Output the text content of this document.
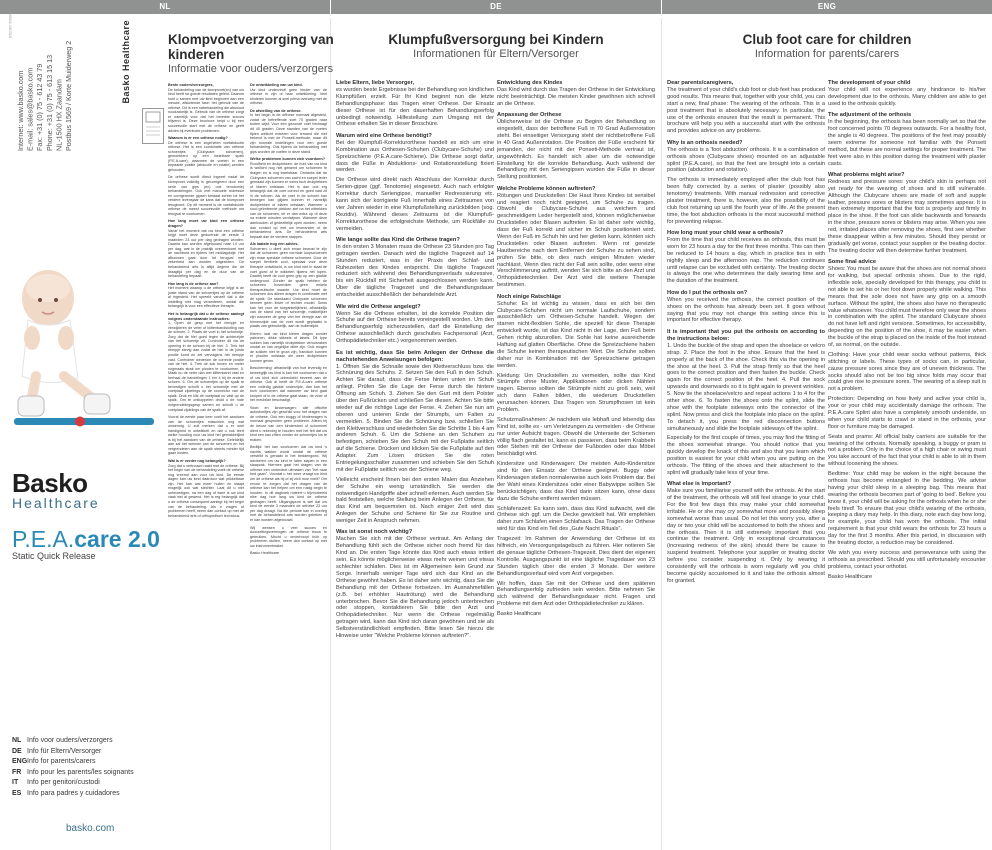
NL	DE	ENG
B0004-150315
Internet: www.basko.com E-mail: sales@basko.com Fax: +31 (0) 75 - 612 43 79 Phone: +31 (0) 75 - 613 15 13 NL-1500 HX Zaandam Postbus 1569 / Korte Muiderweg 2	Basko Healthcare
Basko
Healthcare
P.E.A.care 2.0
Static Quick Release
NL Info voor ouders/verzorgers
DE Info für Eltern/Versorger
ENG Info for parents/carers
FR Info pour les parents/les soignants
IT	Info per genitori/custodi
ES Info para padres y cuidadores
basko.com
Klompvoetverzorging van kinderen
Informatie voor ouders/verzorgers
Klumpfußversorgung bei Kindern
Informationen für Eltern/Versorger
Club foot care for children
Information for parents/carers
Beste ouders/verzorgers,

De behandeling van de klompvoet(en) van uw kind heeft tot goede resultaten geleid. Daarom kunt u samen met uw kind beginnen aan een nieuwe, afsluitende fase: het gebruik van de orthese. Dit is een nabehandeling die absoluut noodzakelijk is. Gebruik van de orthese zorgt er namelijk voor dat het bereikte succes blijvend is. Deze brochure helpt u bij een succesvolle start met de orthese en geeft advies bij eventuele problemen.

Waarom is er een orthese nodig?

De orthese is een zogeheten voetabductie orthese. Het is een combinatie van orthese schoentjes (Clubycare schoenen), gemonteerd op een instelbare spalk (P.E.A.care), waarmee de voeten in een bepaalde positie (abductie en rotatie) worden gehouden.

De orthese wordt direct ingezet nadat de klompvoet volledig is gecorrigeerd door een serie van gips (en) ook tenotomie) behandelingen. Ook met manuele redressie en corrigerende gipsen bestaat echter tot het verdere levensjaar de kans dat de klompvoet terugkomt. Op dit moment is de voetabductie orthese de meest succesvolle methode om terugval te voorkomen.

Hoe lang moet uw kind een orthese dragen?

Vanaf het moment dat uw kind een orthese krijgt moet deze gedurende de eerste 3 maanden 23 uur per dag gedragen worden. Daarna kan worden afgebouwd naar 14 uur per dag, wat in de praktijk overeenkomt met de nachtrust en tijdens het middagdutje. Het afbouwen gaat door tot terugval met zekerheid kan worden uitgesloten. De behandelend arts is altijd degene die de draagtijd per dag en de duur van de behandeling bepaalt.

Hoe lang is de orthese aan?

Het moment waarop u de orthese krijgt is de juiste stand van de schoentjes op de orthese al ingesteld. Het spreekt vanzelf dat u die instelling niet mag veranderen, omdat die belangrijk is voor een effectieve therapie.

Het is belangrijk dat u de orthese aanlegt volgens onderstaande instructies:

1. Open de gesp met het riempje en verwijderen de veter of klittenbandsluiting van de schoen. 2. Plaats de voet in het schoentje. Zorg dat de hiel goed tegen de achterzijde van het schoentje zit. Controleer dit via de opening in de schoen bij de hiel. 3. Trek het riempje stevig aan zodat de hiel in de juiste positie komt en zet vervolgens het riempje vast. Controleer wederom de correcte positie van de hiel. 4. Trek de sok boven en onder nogmaals strak om plooien te voorkomen. 5. Maak nu de veter dan wel klittenband vast en herhaal de handelingen 1 t/m 4 bij de andere schoen. 6. Om de schoentjes op de spalk te bevestigen schuift u het schoentje met de voetplaat zijdelings op de connector van de spalk. Druk en klik de voetplaat nu vast op de spalk. Om te ontkoppelen drukt u de rode ontgrendelingsgesp samen en schuift u de voetplaat zijdelings van de spalk af.

Vooral de eerste paar keer voelt het aandoen van de schoentjes misschien nog wat onwennig. U zult merken dat u er snel handigheid in ontwikkelt en dat u ook leert welke houding voor uw kind het gemakkelijkst is bij het aandoen van de orthese. Geleidelijk aan zal het wennen van de schoenen en het vergrendelen aan de spalk steeds minder tijd gaan kosten.

Wat is er verder nog belangrijk?

Zorg dat u vertrouwd raakt met de orthese. Bij het begin van de behandeling voelt de orthese nog vreemd aan voor uw kind. De eerste dagen kan uw kind daardoor wat prikkelbaar zijn. Het kan wat meer huilen en slaapt mogelijk ook wat slechter. Laat dit u niet ontmoedigen, na een dag of twee is uw kind vaak wel al gewend. Het is erg belangrijk dat u de orthese consequent aanlegt bij het begin van de behandeling. Als u vragen of problemen heeft, neem dan contact op met de behandelend arts of orthopedisch technicus.

Liebe Eltern, liebe Versorger,

es wurden beste Ergebnisse bei der Behandlung von kindlichen Klumpfüßen erzielt. Für Ihr Kind beginnt nun die letzte Behandlungsphase: das Tragen einer Orthese. Der Einsatz dieser Orthese ist für den dauerhaften Behandlungserfolg unbedingt notwendig. Hilfestellung zum Umgang mit der Orthese erhalten Sie in dieser Broschüre.

Warum wird eine Orthese benötigt?

Bei der Klumpfuß-Korrekturorthese handelt es sich um eine Kombination aus Orthesen-Schuhen (Clubycare-Schuhe) und Spreizschiene (P.E.A.care-Schiene). Die Orthese sorgt dafür, dass die Füße in Abduktions- und Rotationsstellung fixiert werden.

Die Orthese wird direkt nach Abschluss der Korrektur durch Serien-gipse (ggf. Tenotomie) eingesetzt. Auch nach erfolgter Korrektur durch Seriengipse, manueller Redressierung etc. kann sich der korrigierte Fuß innerhalb eines Zeitraumes von vier Jahren wieder in eine Klumpfußstellung zurückbilden (sog. Rezidiv). Während dieses Zeitraums ist die Klumpfuß-Korrekturorthese die erfolgreichste Methode, um Rückfälle zu vermeiden.

Wie lange sollte das Kind die Orthese tragen?

In den ersten 3 Monaten muss die Orthese 23 Stunden pro Tag getragen werden. Danach wird die tägliche Tragezeit auf 14 Stunden reduziert, was in der Praxis den Schlaf- und Ruhezeiten des Kindes entspricht. Die tägliche Tragezeit reduziert sich während des Behandlungsverlaufs sukzessive, bis ein Rückfall mit Sicherheit ausgeschlossen werden kann. Über die tägliche Tragezeit und die Behandlungsdauer entscheidet ausschließlich der behandelnde Arzt.

Wie wird die Orthese angelegt?

Wenn Sie die Orthese erhalten, ist die korrekte Position der Schuhe auf der Orthese bereits voreingestellt worden. Um den Behandlungserfolg sicherzustellen, darf die Einstellung der Orthese ausschließlich durch geschultes Fachpersonal (Arzt, Orthopädietechniker etc.) vorgenommen werden.

Es ist wichtig, dass Sie beim Anlegen der Orthese die nachstehenden Anweisungen befolgen:

1. Öffnen Sie die Schnalle sowie den Klettverschluss bzw. die Schnürung des Schuhs. 2. Setzen Sie den Fuß in den Schuh. Achten Sie darauf, dass die Ferse hinten unten im Schuh anliegt. Prüfen Sie die Lage der Ferse durch die hintere Öffnung am Schuh. 3. Ziehen Sie den Gurt mit dem Polster über den Fußrücken und schließen Sie diesen. Achten Sie bitte wieder auf die richtige Lage der Ferse. 4. Ziehen Sie nun am oberen und unteren Ende der Strumpfs, um Falten zu vermeiden. 5. Binden Sie die Schnürung bzw. schließen Sie den Klettverschluss und wiederholen Sie die Schritte 1 bis 4 am anderen Schuh. 6. Um die Schiene an den Schuhen zu befestigen, schieben Sie den Schuh mit der Fußplatte seitlich auf die Schiene. Drücken und klicken Sie die Fußplatte auf den Adapter. Zum Lösen drücken Sie die roten Entriegelungsschalter zusammen und schieben Sie den Schuh mit der Fußplatte seitlich von der Schiene weg.

Vielleicht erscheint Ihnen bei den ersten Malen das Anziehen der Schuhe ein wenig umständlich. Sie werden die notwendigen Handgriffe aber schnell erlernen. Auch werden Sie bald feststellen, welche Stellung beim Anlegen der Orthese, für das Kind am bequemsten ist. Nach einiger Zeit wird das Anlegen der Schuhe und Schiene für Sie zur Routine und weniger Zeit in Anspruch nehmen.

Was ist sonst noch wichtig?

Machen Sie sich mit der Orthese vertraut. Am Anfang der Behandlung fühlt sich die Orthese sicher noch fremd für das Kind an. Die ersten Tage könnte das Kind auch etwas irritiert sein. Es könnte möglicherweise etwas mehr weinen und etwas schlechter schlafen. Dies ist im Allgemeinen kein Grund zur Sorge. Innerhalb weniger Tage wird sich das Kind an die Orthese gewöhnt haben. Es ist daher sehr wichtig, dass Sie die Behandlung mit der Orthese fortsetzen. Im Ausnahmefällen (z.B. bei erhöhter Hautrötung) wird die Behandlung unterbrochen. Bevor Sie die Behandlung jedoch unterbrechen oder stoppen, kontaktieren Sie bitte den Arzt und Orthopädietechniker. Nur wenn die Orthese regelmäßig getragen wird, kann das Kind sich daran gewöhnen und sie als Selbstverständlichkeit empfinden. Bitte lesen Sie hierzu die Hinweise unter "Welche Probleme können auftreten?".

Entwicklung des Kindes

Das Kind wird durch das Tragen der Orthese in der Entwicklung nicht beeinträchtigt. Die meisten Kinder gewöhnen sich schnell an die Orthese.

Anpassung der Orthese

Üblicherweise ist die Orthese zu Beginn der Behandlung so eingestellt, dass der betroffene Fuß in 70 Grad Außenrotation steht. Bei einseitiger Versorgung steht der nichtbetroffene Fuß in 40 Grad Außenrotation. Die Position der Füße erscheint für jemanden, der nicht mit der Ponseti-Methode vertraut ist, ungewöhnlich. Es handelt sich aber um die notwendige Einstellung für die korrekte Behandlung. Auch während der Behandlung mit den Seriengipsen wurden die Füße in dieser Stellung positioniert.

Welche Probleme können auftreten?

Rötungen und Druckstellen: Die Haut Ihres Kindes ist sensibel und reagiert noch nicht geeignet, um Schuhe zu tragen. Obwohl die Clubycare-Schuhe aus weichem und geschmeidigem Leder hergestellt sind, können möglicherweise Druckstellen oder Blasen auftreten. Es ist daher sehr wichtig, dass der Fuß korrekt und sicher im Schuh positioniert wird. Wenn der Fuß im Schuh hin und her gleiten kann, könnten sich Druckstellen oder Blasen auftreten. Wenn rot gereizte Hautbereiche nach dem Entfernen der Schuhe zu sehen sind, prüfen Sie bitte, ob dies nach einigen Minuten wieder nachlässt. Wenn dies nicht der Fall sein sollte, oder wenn eine Verschlimmerung auftritt, wenden Sie sich bitte an den Arzt und Orthopädietechniker. Der Arzt wird die weitere Therapie bestimmen.

Noch einige Ratschläge

Schuhe: Es ist wichtig zu wissen, dass es sich bei den Clubycare-Schuhen nicht um normale Laufschuhe, sondern ausschließlich um Orthesen-Schuhe handelt. Wegen der starren nicht-flexiblen Sohle, die speziell für diese Therapie entwickelt wurde, ist das Kind nicht in der Lage, den Fuß beim Gehen richtig abzurollen. Die Sohle hat keine ausreichende Haftung auf glatten Oberfläche. Ohne die Spreizschiene haben die Schuhe keinen therapeutischen Wert. Die Schuhe sollten daher nur in Kombination mit der Spreizschiene getragen werden.

Kleidung: Um Druckstellen zu vermeiden, sollte das Kind Strümpfe ohne Muster, Applikationen oder dicken Nähten tragen. Ebenso sollten die Strümpfe nicht zu groß sein, weil sich dann Falten bilden, die wiederum Druckstellen verursachen können. Das Tragen von Strumpfhosen ist kein Problem.

Schutzmaßnahmen: Je nachdem wie lebhaft und lebendig das Kind ist, sollte es - um Verletzungen zu vermeiden - die Orthese nur unter Aufsicht tragen. Obwohl die Unterseite der Schienen völlig flach gestaltet ist, kann es passieren, dass beim Krabbeln oder Stehen mit der Orthese der Fußboden oder das Möbel beschädigt wird.

Kindersitze und Kinderwagen: Die meisten Auto-Kindersitze sind für den Einsatz der Orthese geeignet. Buggy oder Kinderwagen stellen normalerweise auch kein Problem dar. Bei der Wahl eines Kindersitzes oder einer Babywippe sollten Sie berücksichtigen, dass das Kind darin sitzen kann, ohne dass dazu die Schuhe entfernt werden müssen.

Schlafenszeit: Es kann sein, dass das Kind aufwacht, weil die Orthese sich ggf. um die Decke gewickelt hat. Wir empfehlen daher zum Schlafen einen Schlafsack. Das Tragen der Orthese wird für das Kind ein Teil des „Gute Nacht Rituals".

Tragezeit: Im Rahmen der Anwendung der Orthese ist es hilfreich, ein Versorgungstagebuch zu führen. Hier notieren Sie die genaue tägliche Orthesen-Tragezeit. Dies dient der eigenen Kontrolle. Ausgangspunkt ist eine tägliche Tragedauer von 23 Stunden täglich über die ersten 3 Monate. Der weitere Behandlungsverlauf wird vom Arzt vorgegeben.

Wir hoffen, dass Sie mit der Orthese und dem späteren Behandlungserfolg zufrieden sein werden. Bitte nehmen Sie sich während der Behandlungsdauer nicht. Fragen und Probleme mit dem Arzt oder Orthopädietechniker zu klären.

Basko Healthcare

Dear parents/caregivers,

The treatment of your child's club foot or club feet has produced good results. This means that, together with your child, you can start a new, final phase: The wearing of the orthosis. This is a post treatment that is absolutely necessary. In particular, the use of the orthosis ensures that the result is permanent. This brochure will help you with a successful start with the orthosis and provides advice on any problems.

Why is an orthosis needed?

The orthosis is a 'foot abduction' orthosis. It is a combination of orthosis shoes (Clubycare shoes) mounted on an adjustable splint (P.E.A.care), so that the feet are brought into a certain position (abduction and rotation).

The orthosis is immediately employed after the club foot has been fully corrected by a series of plaster (possibly also tenotomy) treatments. With manual redression and corrective plaster treatment, there is, however, also the possibility of the club foot returning up until the fourth year of life. At the present time, the foot abduction orthosis is the most successful method for preventing relapse.

How long must your child wear a orthosis?

From the time that your child receives an orthosis, this must be worn for 23 hours a day for the first three months. This can then be reduced to 14 hours a day, which in practice ties in with nightly sleep and the afternoon nap. The reduction continues until relapse can be excluded with certainty. The treating doctor is always the one who determines the daily wearing time and the duration of the treatment.

How do I put the orthosis on?

When you received the orthosis, the correct position of the shoes on the orthosis has already been set. It goes without saying that you may not change this setting since this is important for effective therapy.

It is important that you put the orthosis on according to the instructions below:

1. Undo the buckle of the strap and open the shoelace or velcro strap. 2. Place the foot in the shoe. Ensure that the heel is properly at the back of the shoe. Check this via the opening in the shoe at the heel. 3. Pull the strap firmly so that the heel goes to the correct position and then fasten the buckle. Check again for the correct position of the heel. 4. Pull the sock upwards and downwards so it is tight again to prevent wrinkles. 5. Now tie the shoelace/velcro and repeat actions 1 to 4 for the other shoe. 6. To fasten the shoes onto the splint, slide the shoe with the footplate sideways onto the connector of the splint. Now press and click the footplate into place on the splint. To detach it, you press the red disconnection buttons simultaneously and slide the footplate sideways off the splint.

Especially for the first couple of times, you may find the fitting of the shoes somewhat strange. You should notice that you quickly develop the knack of this and also that you learn which position is easiest for your child when you are putting on the orthosis. The fitting of the shoes and their attachment to the splint will gradually take less of your time.

What else is important?

Make sure you familiarise yourself with the orthosis. At the start of the treatment, the orthosis will still feel strange to your child. For the first few days this may make your child somewhat irritable. He or she may cry somewhat more and possibly sleep somewhat worse than usual. Do not let this worry you, after a day or two your child will be accustomed to both the shoes and the orthosis. Then it is still extremely important that you continue the treatment. Only in exceptional circumstances (increasing redness of the skin) should there be cause to suspend treatment. Telephone your supplier or treating doctor before you consider suspending it. Only by wearing it consistently will the orthosis is worn regularly will you child become quickly accustomed to it and take the orthosis almost for granted.

The development of your child

Your child will not experience any hindrance to his/her development due to the orthosis. Many children are able to get used to the orthosis quickly.

The adjustment of the orthosis

In the beginning, the orthosis has been normally set so that the foot concerned points 70 degrees outwards. For a healthy foot, the angle is 40 degrees. The positions of the feet may possibly seem extreme for someone not familiar with the Ponseti method, but these are normal settings for proper treatment. The feet were also in this position during the treatment with plaster casts.

What problems might arise?

Redness and pressure sores: your child's skin is perhaps not yet ready for the wearing of shoes and is still vulnerable. Although the Clubycare shoes are made of soft and supple leather, pressure sores or blisters may sometimes appear. It is then extremely important that the foot is properly and firmly in place in the shoe. If the foot can slide backwards and forwards in the shoe, pressure sores or blisters may arise. When you see red, irritated places after removing the shoes, first see whether these disappear within a few minutes. Should they persist or gradually get worse, contact your supplier or the treating doctor. The treating doctor will then determine further treatment.

Some final advice

Shoes: You must be aware that the shoes are not normal shoes for walking, but special orthosis shoes. Due to the rigid, inflexible sole, specially developed for this therapy, you child is not able to set his or her foot down properly while walking. This means that the sole does not have any grip on a smooth surface. Without the splint, the shoes also have no therapeutic value whatsoever. You child must therefore only wear the shoes in combination with the splint. The standard Clubycare shoes do not have left and right versions. Sometimes, for accessibility, depending on the position of the shoe, it may be easier when the buckle of the strap is placed on the inside of the foot instead of, as normal, on the outside.

Clothing: Have your child wear socks without patterns, thick stitching or labels. These types of socks can, in particular, cause pressure sores since they are of uneven thickness. The socks should also not be too big since folds may occur that could give rise to pressure sores. The wearing of a sleep suit is not a problem.

Protection: Depending on how lively and active your child is, your or your child may accidentally damage the orthosis. The P.E.A.care Splint also have a completely smooth underside, so when your child starts to crawl or stand in the orthosis, your floor or furniture may be damaged.

Seats and prams: All official baby carriers are suitable for the wearing of the orthosis. Normally speaking, a buggy or pram is not a problem. Only in the choice of a high chair or swing must you take account of the fact that your child is able to sit in them without loosening the shoes.

Bedtime: Your child may be woken in the night because the orthosis has become entangled in the bedding. We advise having your child sleep in a sleeping bag. This means that wearing the orthosis becomes part of 'going to bed'. Before you know it, your child will be asking for the orthosis when he or she feels tired! To ensure that your child's wearing of the orthosis, keeping a diary may help. In this diary, note each day how long, for example, your child has worn the orthosis. The initial requirement is that your child wears the orthosis for 23 hours a day for the first 3 months. After this period, in discussion with the treating doctor, a reduction may be considered.

We wish you every success and perseverance with using the orthosis as prescribed. Should you still unfortunately encounter problems, contact your orthotist.

Basko Healthcare

De ontwikkeling van uw kind.

Uw kind ondervindt geen hinder van de orthese in zijn of haar ontwikkeling. Veel kinderen kunnen al snel prima overweg met de orthese.

De afstelling van de orthese.

In het begin is de orthese normaal afgesteld, zodat de betreffende voet 70 graden naar buiten wijst. Voor een gezonde voet bedraagt dit 40 graden. Deze standen van de voeten tijden wellicht extreem voor iemand die niet bekend is met de Ponseti-methode, maar dit zijn normale instellingen voor een goede behandeling. Ook tijdens de behandeling met gips worden de voeten in deze stand.

Welke problemen kunnen zich voordoen?

Roodheid en drukplekken: de huid van uw kind is wellicht nog niet gewend om schoenen te dragen en is nog kwetsbaar. Ondanks dat de Clubycare schoenen van zacht en soepel leder gemaakt zijn kunnen er soms toch drukplekken of blaren ontstaan. Het is dan ook erg belangrijk dat de voet correct en goed vast zit in de schoen. Als de voet in de schoen kan bewegen kan glijden kunnen er namelijk drukplekken of blaren ontstaan. Wanneer u rood geïrriteerde plekken ziet na het uittrekken van de schoenen, let er dan extra op of deze na enkele minuten verdwijnen. Wanneer deze aanhouden of gedeeltelijk open worden, neem dan contact op met uw leverancier of de behandelend arts. De behandelend arts bepaalt dan de verdere stappen.

Als laatste nog een advies.

Schoenen: u dient zich ervan bewust te zijn dat de schoenen geen normale loopschoenen zijn maar speciale orthese schoenen. Door de soepel flexibele zool, speciaal voor deze therapie ontwikkeld, is uw kind niet in staat de voet goed af te wikkelen tijdens het lopen. Daarbij heeft de zool geen grip op een gladde ondergrond. Zonder de spalk hebben de schoenen bovendien geen enkele therapeutische waarde. Uw kind moet de schoenen dus alleen dragen in combinatie met de spalk. De standaard Clubycare schoenen kennen geen linker of rechter model. Soms kan het voor de toegankelijkheid, afhankelijk van de stand van het schoentje, makkelijker zijn wanneer de gesp van het riempje aan de binnenzijde van de voet wordt geplaatst in plaats van gebruikelijk, aan de buitenzijde.

Kleren: laat uw kind kleren dragen zonder patronen, dikke stiksels of labels. Dit type sokken kan namelijk drukplekken veroorzaken omdat ze van ongelijke dikte zijn. Ook mogen de sokken niet te groot zijn, handson kunnen er plooien ontstaan die weer drukplekken kunnen geven.

Bescherming: afhankelijk van hoe levendig en beweeglijk uw kind is kan het voorkomen dat u of uw kind zich onbedoeld bezeert aan de orthese. Ook al heeft de P.E.A.care orthese een volledig gladde onderzijde, dan kan het toch voorkomen dat wanneer uw kind gaat kruipen of in de orthese gaat staan, de vloer of het meubilair beschadigt.

Stoel en kinderwagen: alle officiële autostoeltjes zijn geschikt voor het dragen van de orthese. Ook een buggy of kinderwagen is normaal gesproken geen probleem. Alleen bij de keuze van een kinderstoel of schommel dient u rekening te houden met het feit dat uw kind een kan zitten zonder de schoentjes los te maken.

Bedtijd: het kan voorkomen dat uw kind 's nachts wakker wordt omdat de orthese verstrikt is geraakt in het beddengoed. Wij adviseren om uw kind te laten slapen in een slaapzak. Hiermee gaat het dragen van de orthese een onderdeel uitmaken van "het naar bed gaan". Voordat u het weer vraagt uw kind om de orthese als hij of zij zich moe voelt? Om ervoor te zorgen dat het dragen van de orthese kan het helpen om een rustig begin te houden. In dit dagboek noteert u bijvoorbeeld elke dag hoe lang uw kind de orthese gedragen heeft. Uitgangspunt is wel dat uw kind de eerste 3 maanden de orthese 23 uur per dag draagt. Na die periode kan in overleg met de behandelend arts worden gekeken of er kan worden afgebouwd.

Wij wensen u veel succes en doorzettingsvermogen de orthese trouw te gebruiken. Mocht u onverhoopt toch op problemen stuiten, neem dan contact op met uw instrumentmaker.

Basko Healthcare
